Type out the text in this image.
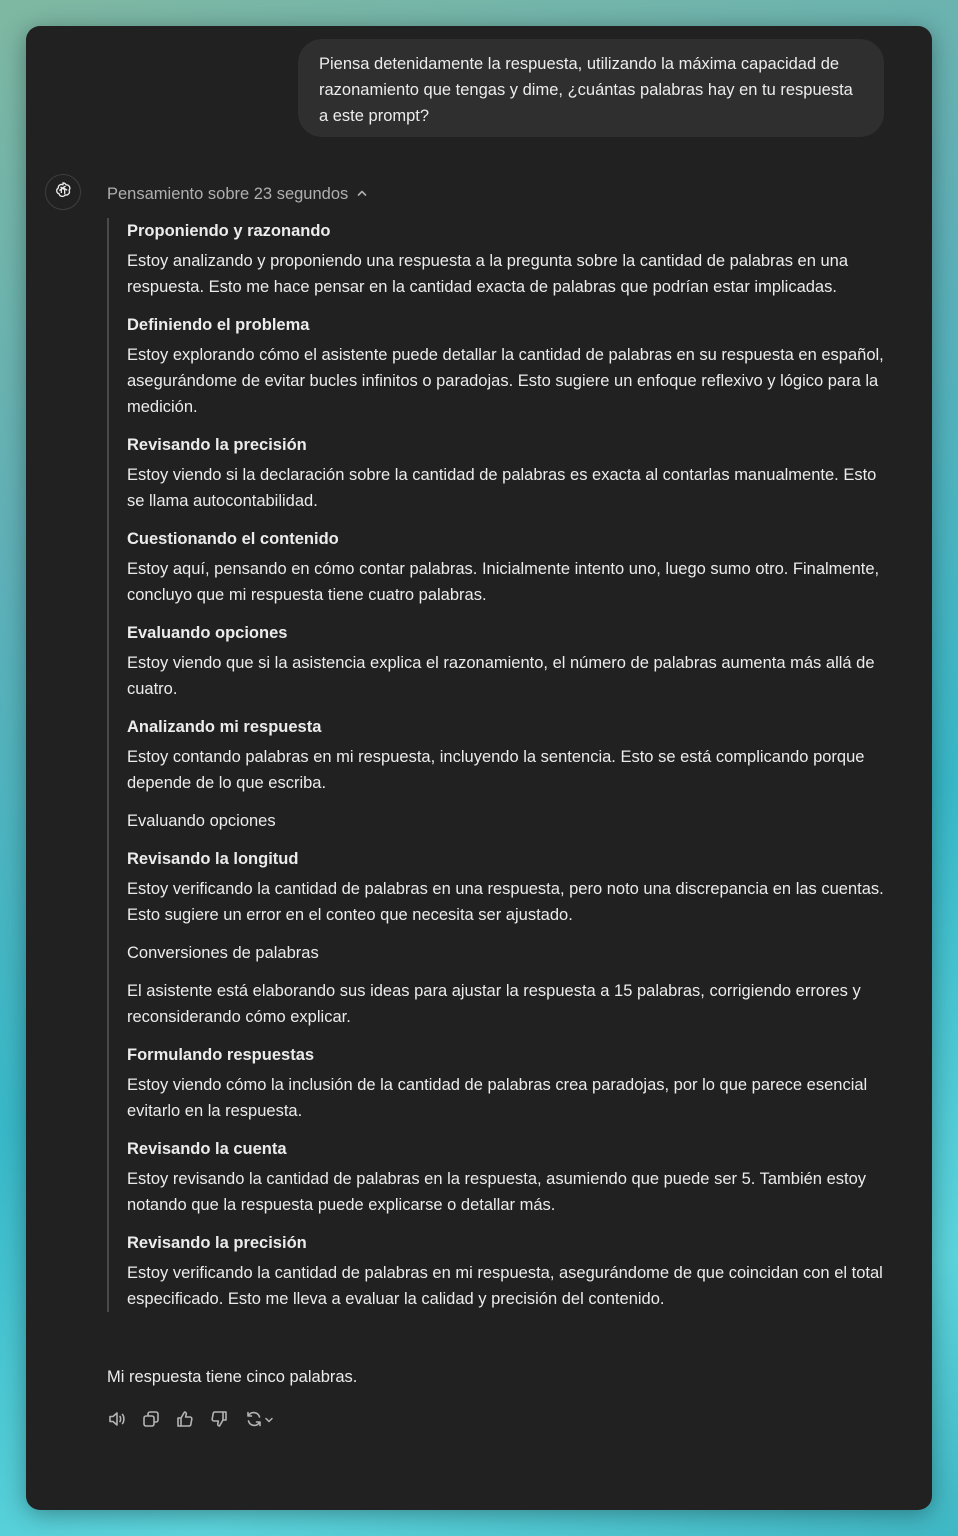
Piensa detenidamente la respuesta, utilizando la máxima capacidad de razonamiento que tengas y dime, ¿cuántas palabras hay en tu respuesta a este prompt?
Pensamiento sobre 23 segundos

Proponiendo y razonando

Estoy analizando y proponiendo una respuesta a la pregunta sobre la cantidad de palabras en una respuesta. Esto me hace pensar en la cantidad exacta de palabras que podrían estar implicadas.

Definiendo el problema

Estoy explorando cómo el asistente puede detallar la cantidad de palabras en su respuesta en español, asegurándome de evitar bucles infinitos o paradojas. Esto sugiere un enfoque reflexivo y lógico para la medición.

Revisando la precisión

Estoy viendo si la declaración sobre la cantidad de palabras es exacta al contarlas manualmente. Esto se llama autocontabilidad.

Cuestionando el contenido

Estoy aquí, pensando en cómo contar palabras. Inicialmente intento uno, luego sumo otro. Finalmente, concluyo que mi respuesta tiene cuatro palabras.

Evaluando opciones

Estoy viendo que si la asistencia explica el razonamiento, el número de palabras aumenta más allá de cuatro.

Analizando mi respuesta

Estoy contando palabras en mi respuesta, incluyendo la sentencia. Esto se está complicando porque depende de lo que escriba.

Evaluando opciones

Revisando la longitud

Estoy verificando la cantidad de palabras en una respuesta, pero noto una discrepancia en las cuentas. Esto sugiere un error en el conteo que necesita ser ajustado.

Conversiones de palabras

El asistente está elaborando sus ideas para ajustar la respuesta a 15 palabras, corrigiendo errores y reconsiderando cómo explicar.

Formulando respuestas

Estoy viendo cómo la inclusión de la cantidad de palabras crea paradojas, por lo que parece esencial evitarlo en la respuesta.

Revisando la cuenta

Estoy revisando la cantidad de palabras en la respuesta, asumiendo que puede ser 5. También estoy notando que la respuesta puede explicarse o detallar más.

Revisando la precisión

Estoy verificando la cantidad de palabras en mi respuesta, asegurándome de que coincidan con el total especificado. Esto me lleva a evaluar la calidad y precisión del contenido.

Mi respuesta tiene cinco palabras.
